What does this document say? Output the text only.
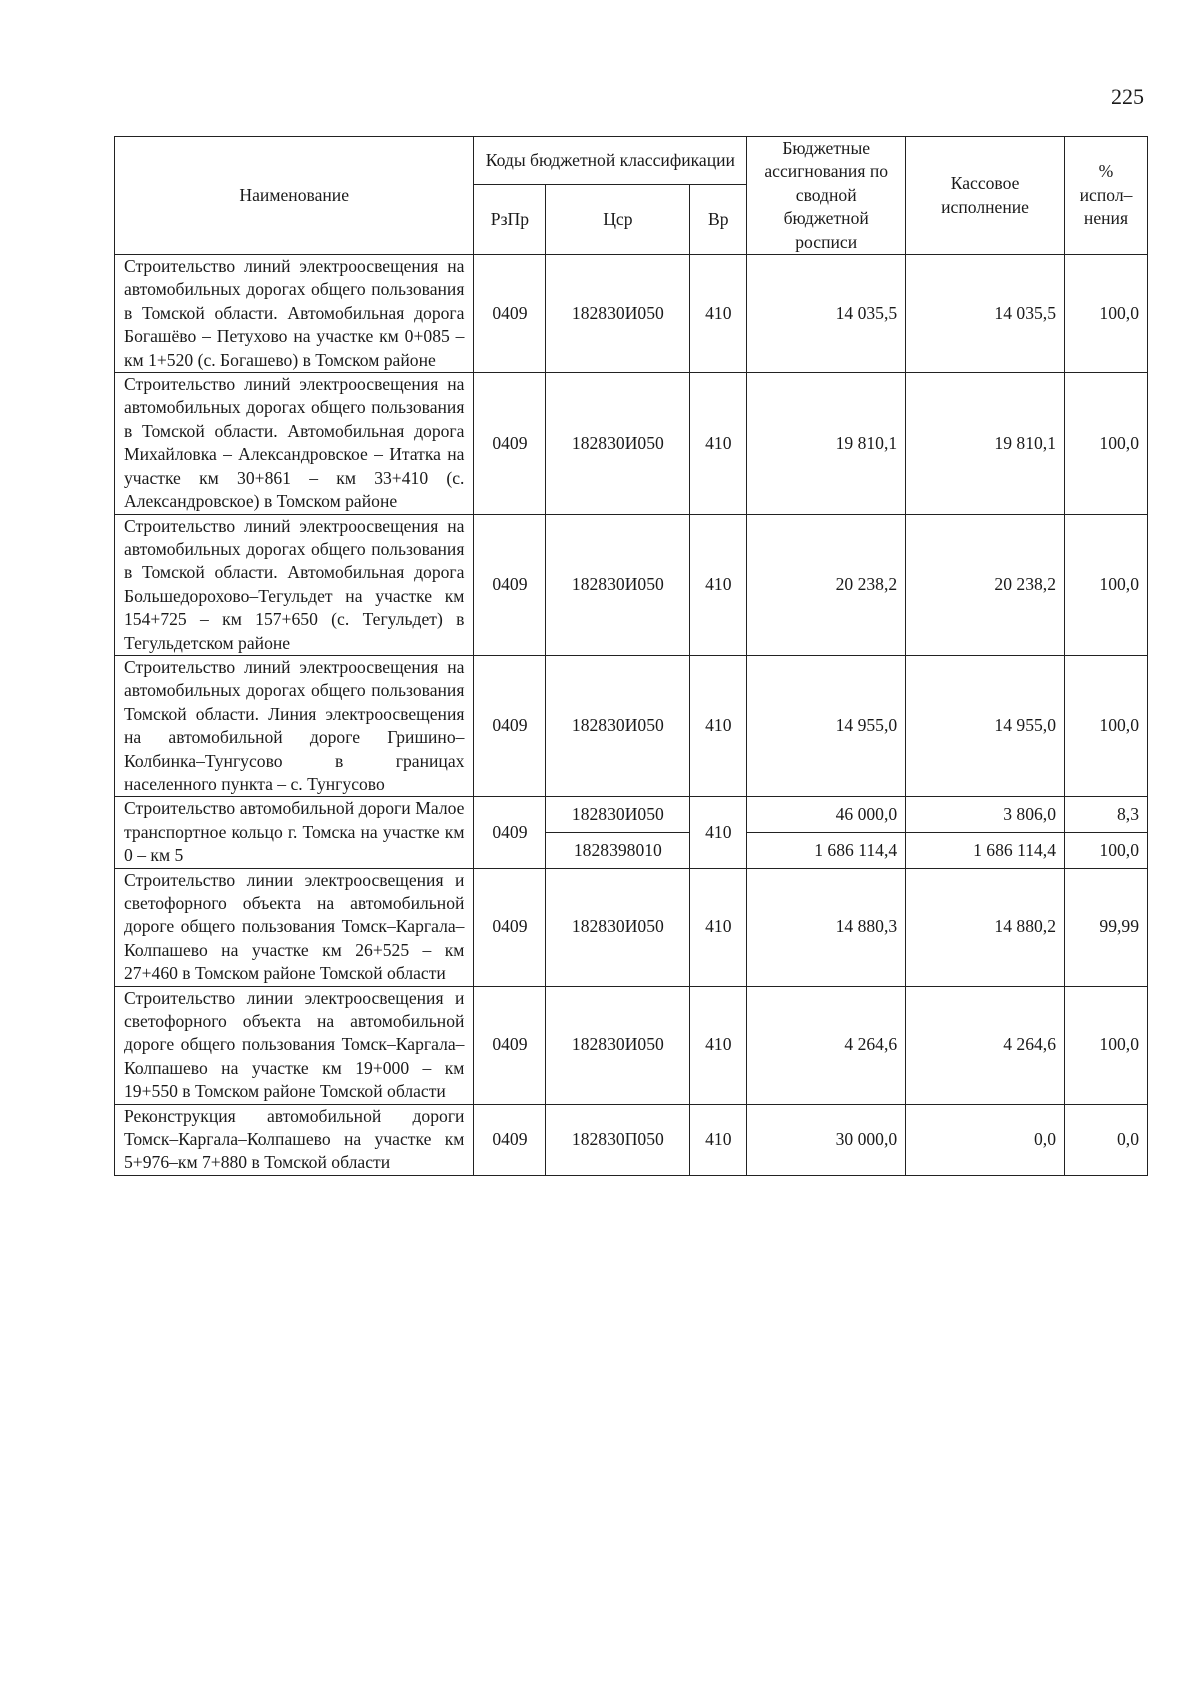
225
Наименование	Коды бюджетной классификации			Бюджетные ассигнования по сводной бюджетной росписи	Кассовое исполнение	% испол– нения
	РзПр	Цср	Вр			
Строительство линий электроосвещения на автомобильных дорогах общего пользования в Томской области. Автомобильная дорога Богашёво – Петухово на участке км 0+085 – км 1+520 (с. Богашево) в Томском районе	0409	182830И050	410	14 035,5	14 035,5	100,0
Строительство линий электроосвещения на автомобильных дорогах общего пользования в Томской области. Автомобильная дорога Михайловка – Александровское – Итатка на участке км 30+861 – км 33+410 (с. Александровское) в Томском районе	0409	182830И050	410	19 810,1	19 810,1	100,0
Строительство линий электроосвещения на автомобильных дорогах общего пользования в Томской области. Автомобильная дорога Большедорохово–Тегульдет на участке км 154+725 – км 157+650 (с. Тегульдет) в Тегульдетском районе	0409	182830И050	410	20 238,2	20 238,2	100,0
Строительство линий электроосвещения на автомобильных дорогах общего пользования Томской области. Линия электроосвещения на автомобильной дороге Гришино–Колбинка–Тунгусово в границах населенного пункта – с. Тунгусово	0409	182830И050	410	14 955,0	14 955,0	100,0
Строительство автомобильной дороги Малое транспортное кольцо г. Томска на участке км 0 – км 5	0409	182830И050	410	46 000,0	3 806,0	8,3
		1828398010		1 686 114,4	1 686 114,4	100,0
Строительство линии электроосвещения и светофорного объекта на автомобильной дороге общего пользования Томск–Каргала–Колпашево на участке км 26+525 – км 27+460 в Томском районе Томской области	0409	182830И050	410	14 880,3	14 880,2	99,99
Строительство линии электроосвещения и светофорного объекта на автомобильной дороге общего пользования Томск–Каргала–Колпашево на участке км 19+000 – км 19+550 в Томском районе Томской области	0409	182830И050	410	4 264,6	4 264,6	100,0
Реконструкция автомобильной дороги Томск–Каргала–Колпашево на участке км 5+976–км 7+880 в Томской области	0409	182830П050	410	30 000,0	0,0	0,0
